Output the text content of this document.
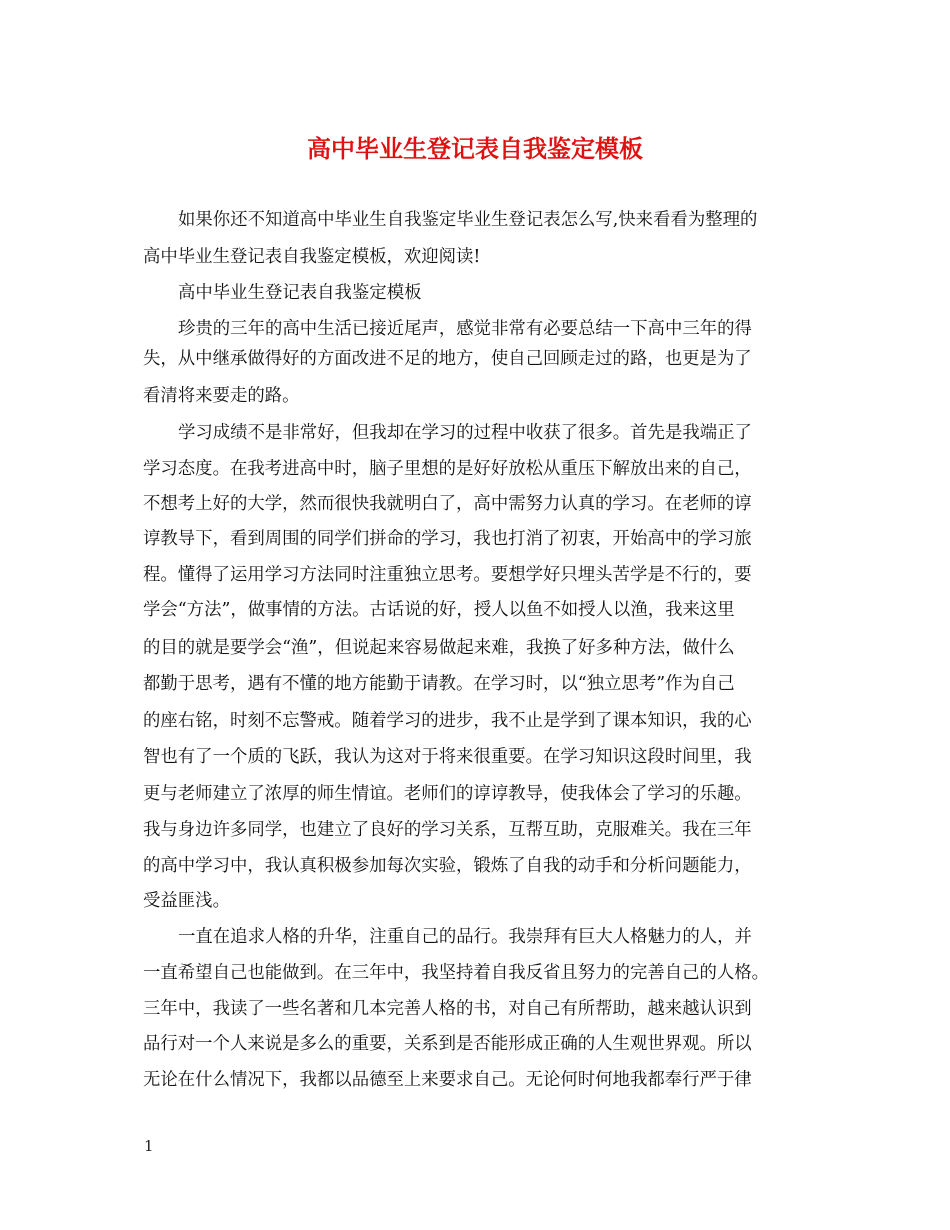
高中毕业生登记表自我鉴定模板
如果你还不知道高中毕业生自我鉴定毕业生登记表怎么写,快来看看为整理的
高中毕业生登记表自我鉴定模板，欢迎阅读!
高中毕业生登记表自我鉴定模板
珍贵的三年的高中生活已接近尾声，感觉非常有必要总结一下高中三年的得
失，从中继承做得好的方面改进不足的地方，使自己回顾走过的路，也更是为了
看清将来要走的路。
学习成绩不是非常好，但我却在学习的过程中收获了很多。首先是我端正了
学习态度。在我考进高中时，脑子里想的是好好放松从重压下解放出来的自己，
不想考上好的大学，然而很快我就明白了，高中需努力认真的学习。在老师的谆
谆教导下，看到周围的同学们拼命的学习，我也打消了初衷，开始高中的学习旅
程。懂得了运用学习方法同时注重独立思考。要想学好只埋头苦学是不行的，要
学会“方法”，做事情的方法。古话说的好，授人以鱼不如授人以渔，我来这里
的目的就是要学会“渔”，但说起来容易做起来难，我换了好多种方法，做什么
都勤于思考，遇有不懂的地方能勤于请教。在学习时，以“独立思考”作为自己
的座右铭，时刻不忘警戒。随着学习的进步，我不止是学到了课本知识，我的心
智也有了一个质的飞跃，我认为这对于将来很重要。在学习知识这段时间里，我
更与老师建立了浓厚的师生情谊。老师们的谆谆教导，使我体会了学习的乐趣。
我与身边许多同学，也建立了良好的学习关系，互帮互助，克服难关。我在三年
的高中学习中，我认真积极参加每次实验，锻炼了自我的动手和分析问题能力，
受益匪浅。
一直在追求人格的升华，注重自己的品行。我崇拜有巨大人格魅力的人，并
一直希望自己也能做到。在三年中，我坚持着自我反省且努力的完善自己的人格。
三年中，我读了一些名著和几本完善人格的书，对自己有所帮助，越来越认识到
品行对一个人来说是多么的重要，关系到是否能形成正确的人生观世界观。所以
无论在什么情况下，我都以品德至上来要求自己。无论何时何地我都奉行严于律
1
